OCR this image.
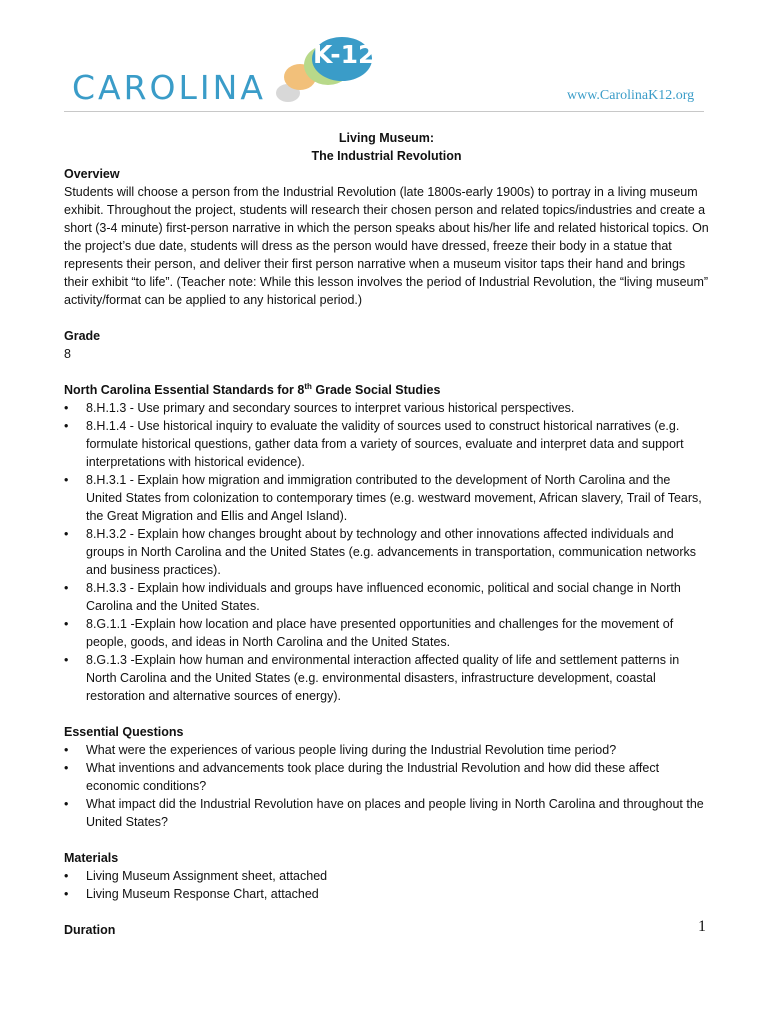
K-12
CAROLINA	www.CarolinaK12.org
Living Museum:
The Industrial Revolution
Overview

Students will choose a person from the Industrial Revolution (late 1800s-early 1900s) to portray in a living museum exhibit. Throughout the project, students will research their chosen person and related topics/industries and create a short (3-4 minute) first-person narrative in which the person speaks about his/her life and related historical topics. On the project’s due date, students will dress as the person would have dressed, freeze their body in a statue that represents their person, and deliver their first person narrative when a museum visitor taps their hand and brings their exhibit “to life”. (Teacher note: While this lesson involves the period of Industrial Revolution, the “living museum” activity/format can be applied to any historical period.)

Grade
8
North Carolina Essential Standards for 8th Grade Social Studies
• 8.H.1.3 - Use primary and secondary sources to interpret various historical perspectives.
• 8.H.1.4 - Use historical inquiry to evaluate the validity of sources used to construct historical narratives (e.g. formulate historical questions, gather data from a variety of sources, evaluate and interpret data and support interpretations with historical evidence).
• 8.H.3.1 - Explain how migration and immigration contributed to the development of North Carolina and the United States from colonization to contemporary times (e.g. westward movement, African slavery, Trail of Tears, the Great Migration and Ellis and Angel Island).
• 8.H.3.2 - Explain how changes brought about by technology and other innovations affected individuals and groups in North Carolina and the United States (e.g. advancements in transportation, communication networks and business practices).
• 8.H.3.3 - Explain how individuals and groups have influenced economic, political and social change in North Carolina and the United States.
• 8.G.1.1 -Explain how location and place have presented opportunities and challenges for the movement of people, goods, and ideas in North Carolina and the United States.
• 8.G.1.3 -Explain how human and environmental interaction affected quality of life and settlement patterns in North Carolina and the United States (e.g. environmental disasters, infrastructure development, coastal restoration and alternative sources of energy).
Essential Questions
• What were the experiences of various people living during the Industrial Revolution time period?
• What inventions and advancements took place during the Industrial Revolution and how did these affect economic conditions?
• What impact did the Industrial Revolution have on places and people living in North Carolina and throughout the United States?
Materials
• Living Museum Assignment sheet, attached
• Living Museum Response Chart, attached
Duration	1
